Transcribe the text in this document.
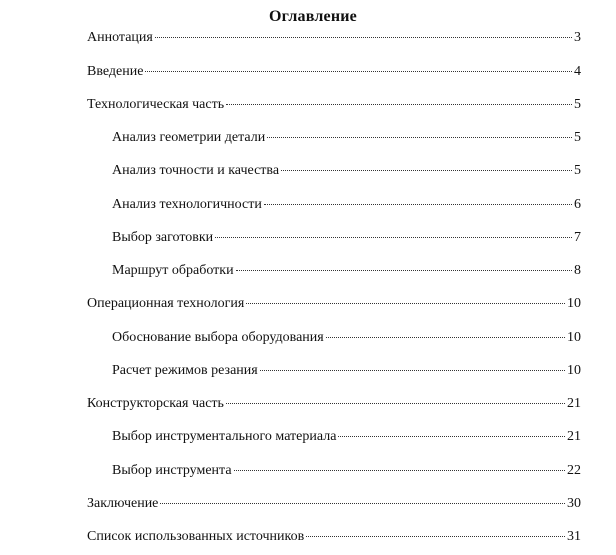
Оглавление
Аннотация	3
Введение	4
Технологическая часть	5
Анализ геометрии детали	5
Анализ точности и качества	5
Анализ технологичности	6
Выбор заготовки	7
Маршрут обработки	8
Операционная технология	10
Обоснование выбора оборудования	10
Расчет режимов резания	10
Конструкторская часть	21
Выбор инструментального материала	21
Выбор инструмента	22
Заключение	30
Список использованных источников	31
